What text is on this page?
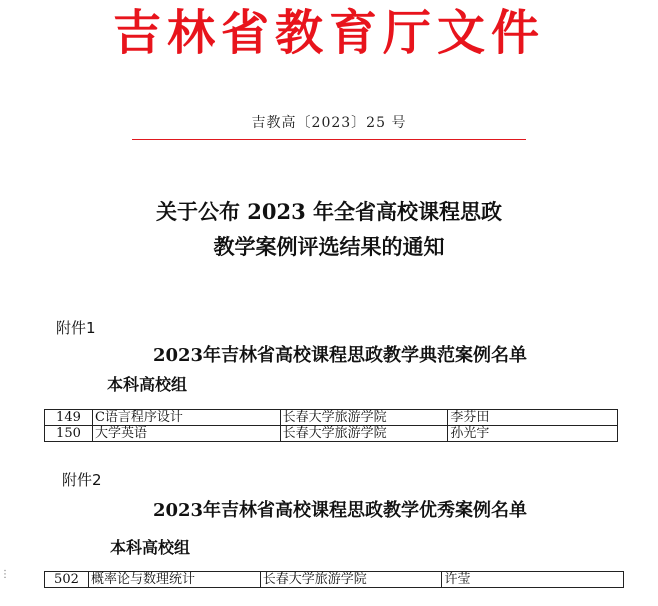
吉林省教育厅文件
吉教高〔2023〕25 号
关于公布 2023 年全省高校课程思政
教学案例评选结果的通知
附件1
2023年吉林省高校课程思政教学典范案例名单
本科高校组
149	C语言程序设计	长春大学旅游学院	李芬田
150	大学英语	长春大学旅游学院	孙光宇
附件2
2023年吉林省高校课程思政教学优秀案例名单
本科高校组
502	概率论与数理统计	长春大学旅游学院	许莹
⋮
